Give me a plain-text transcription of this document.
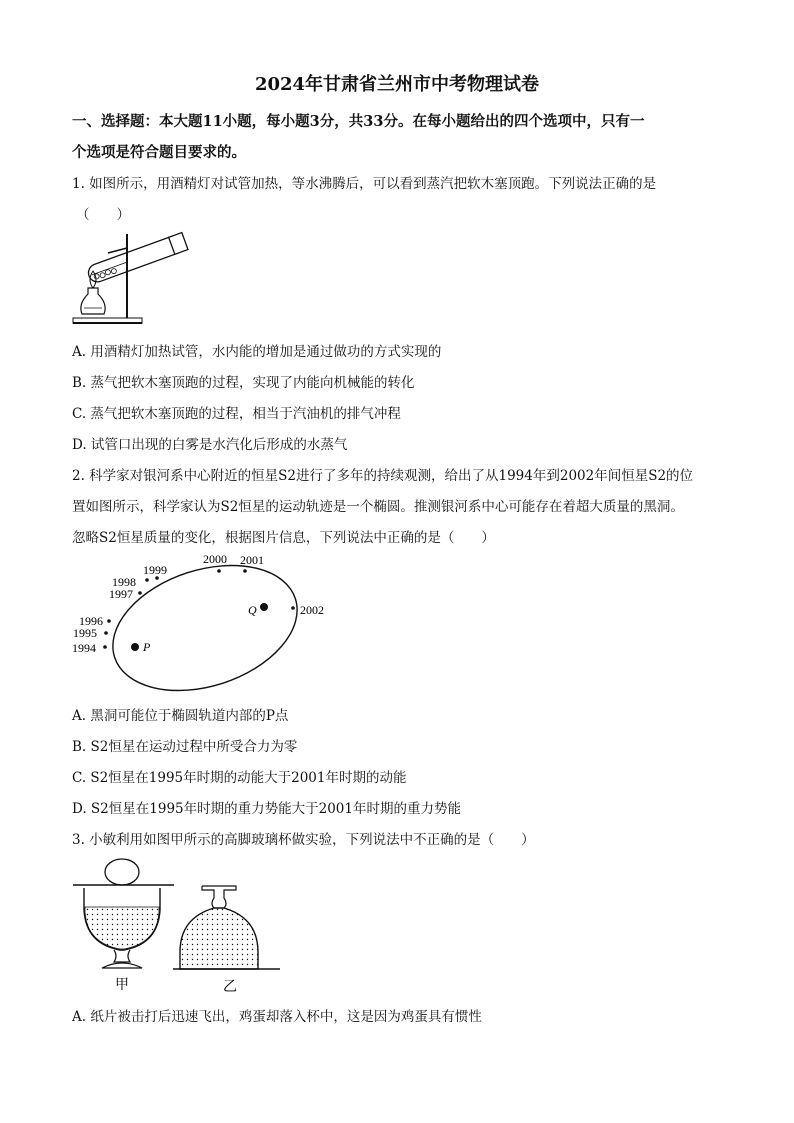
2024年甘肃省兰州市中考物理试卷
一、选择题：本大题11小题，每小题3分，共33分。在每小题给出的四个选项中，只有一
个选项是符合题目要求的。
1. 如图所示，用酒精灯对试管加热，等水沸腾后，可以看到蒸汽把软木塞顶跑。下列说法正确的是
（　　）
A. 用酒精灯加热试管，水内能的增加是通过做功的方式实现的
B. 蒸气把软木塞顶跑的过程，实现了内能向机械能的转化
C. 蒸气把软木塞顶跑的过程，相当于汽油机的排气冲程
D. 试管口出现的白雾是水汽化后形成的水蒸气
2. 科学家对银河系中心附近的恒星S2进行了多年的持续观测，给出了从1994年到2002年间恒星S2的位
置如图所示，科学家认为S2恒星的运动轨迹是一个椭圆。推测银河系中心可能存在着超大质量的黑洞。
忽略S2恒星质量的变化，根据图片信息，下列说法中正确的是（　　）
1994
1995
1996
1997
1998
1999
2000 2001
2002
P
Q
A. 黑洞可能位于椭圆轨道内部的P点
B. S2恒星在运动过程中所受合力为零
C. S2恒星在1995年时期的动能大于2001年时期的动能
D. S2恒星在1995年时期的重力势能大于2001年时期的重力势能
3. 小敏利用如图甲所示的高脚玻璃杯做实验，下列说法中不正确的是（　　）
甲	乙
A. 纸片被击打后迅速飞出，鸡蛋却落入杯中，这是因为鸡蛋具有惯性
